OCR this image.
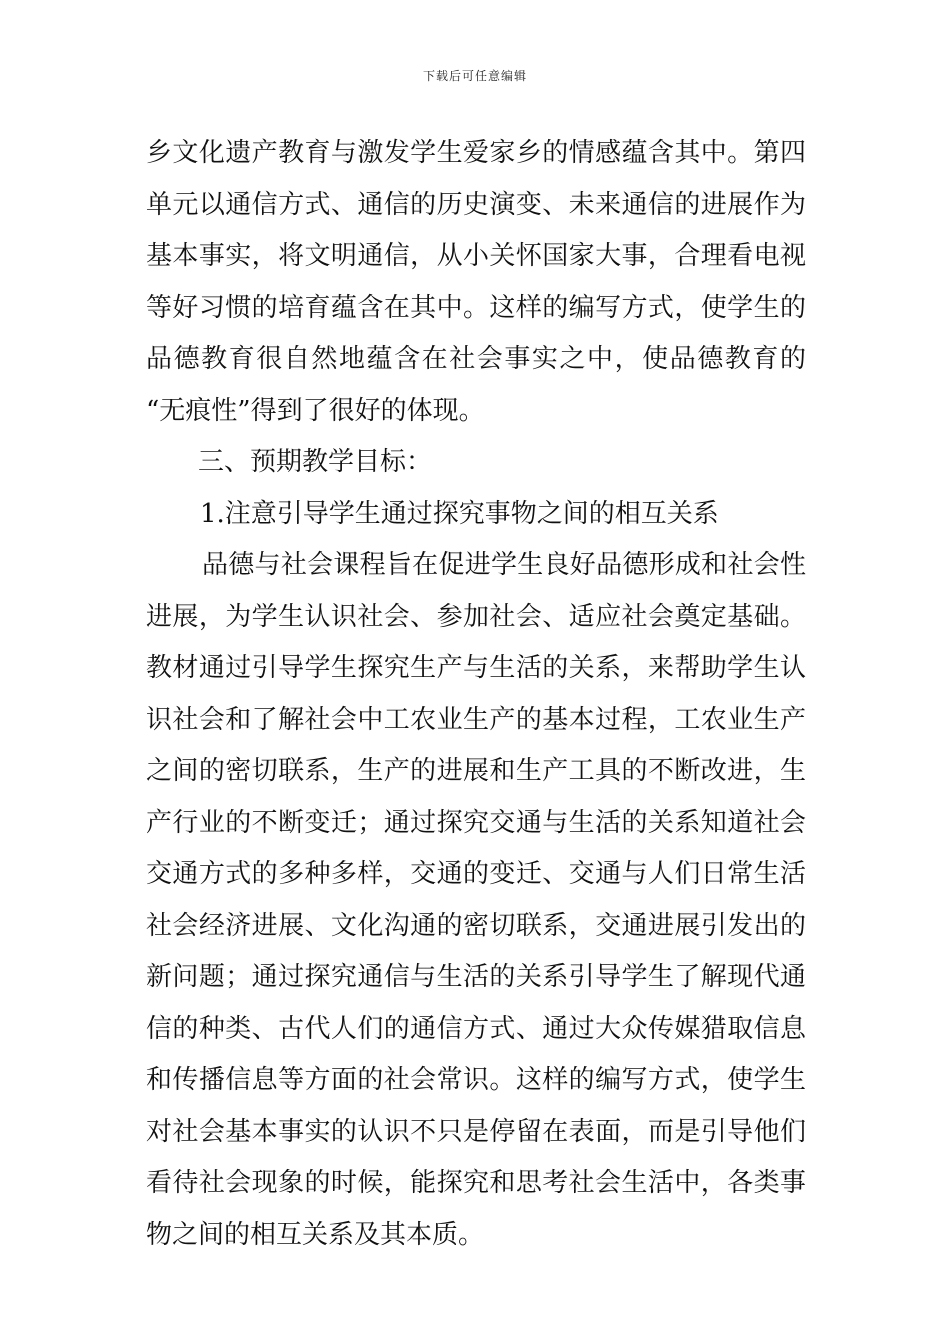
下载后可任意编辑
乡文化遗产教育与激发学生爱家乡的情感蕴含其中。第四
单元以通信方式、通信的历史演变、未来通信的进展作为
基本事实，将文明通信，从小关怀国家大事，合理看电视
等好习惯的培育蕴含在其中。这样的编写方式，使学生的
品德教育很自然地蕴含在社会事实之中，使品德教育的
“无痕性”得到了很好的体现。
三、预期教学目标：
1.注意引导学生通过探究事物之间的相互关系
品德与社会课程旨在促进学生良好品德形成和社会性
进展，为学生认识社会、参加社会、适应社会奠定基础。
教材通过引导学生探究生产与生活的关系，来帮助学生认
识社会和了解社会中工农业生产的基本过程，工农业生产
之间的密切联系，生产的进展和生产工具的不断改进，生
产行业的不断变迁；通过探究交通与生活的关系知道社会
交通方式的多种多样，交通的变迁、交通与人们日常生活
社会经济进展、文化沟通的密切联系，交通进展引发出的
新问题；通过探究通信与生活的关系引导学生了解现代通
信的种类、古代人们的通信方式、通过大众传媒猎取信息
和传播信息等方面的社会常识。这样的编写方式，使学生
对社会基本事实的认识不只是停留在表面，而是引导他们
看待社会现象的时候，能探究和思考社会生活中，各类事
物之间的相互关系及其本质。
